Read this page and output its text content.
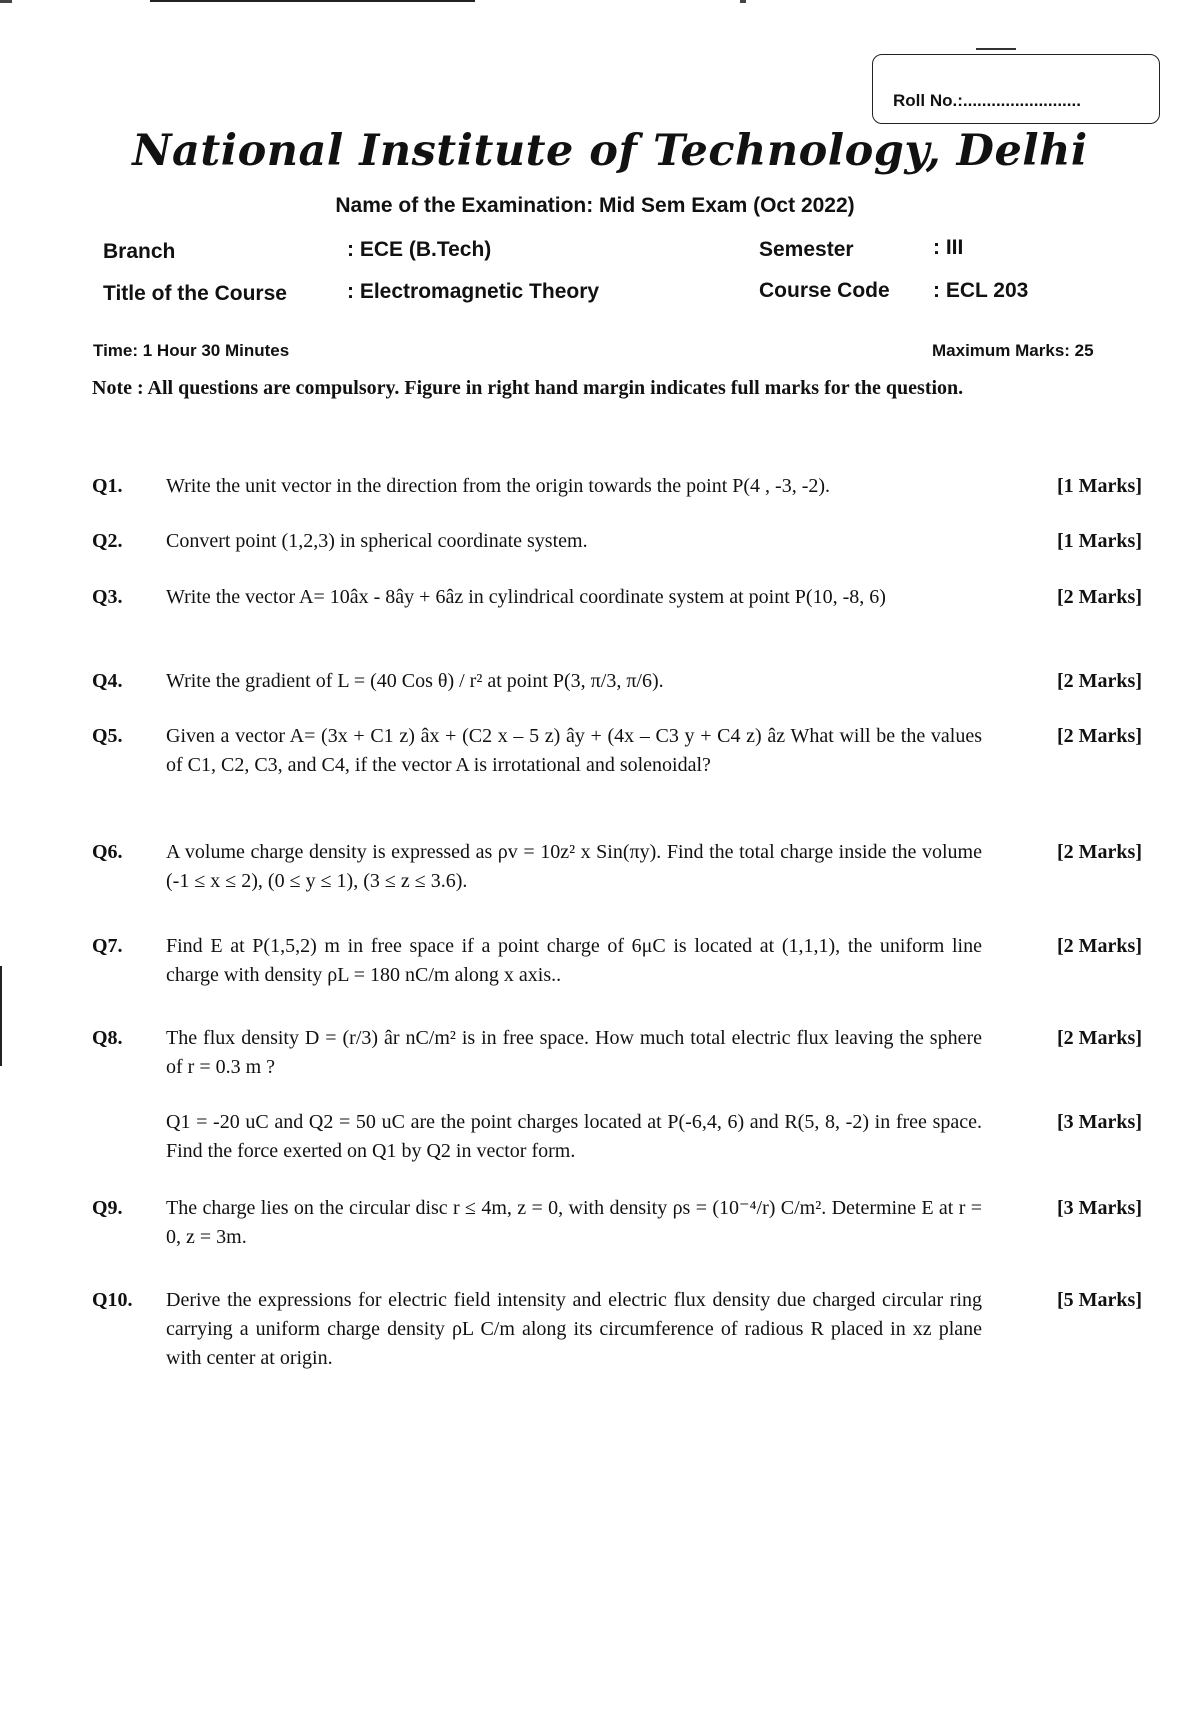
Roll No.:.........................
National Institute of Technology, Delhi
Name of the Examination: Mid Sem Exam (Oct 2022)
Branch	: ECE (B.Tech)	Semester	: III
Title of the Course	: Electromagnetic Theory	Course Code : ECL 203
Time: 1 Hour 30 Minutes	Maximum Marks: 25
Note : All questions are compulsory. Figure in right hand margin indicates full marks for the question.
Q1. Write the unit vector in the direction from the origin towards the point P(4 , -3, -2).	[1 Marks]
Q2. Convert point (1,2,3) in spherical coordinate system.	[1 Marks]
Q3. Write the vector A= 10âx - 8ây + 6âz in cylindrical coordinate system at point P(10, -8, 6)	[2 Marks]
Q4. Write the gradient of L = (40 Cos θ) / r² at point P(3, π/3, π/6).	[2 Marks]
Q5. Given a vector A= (3x + C1 z) âx + (C2 x – 5 z) ây + (4x – C3 y + C4 z) âz What will be the values of C1, C2, C3, and C4, if the vector A is irrotational and solenoidal?
[2 Marks]
Q6. A volume charge density is expressed as ρv = 10z² x Sin(πy). Find the total charge inside the volume (-1 ≤ x ≤ 2), (0 ≤ y ≤ 1), (3 ≤ z ≤ 3.6).
[2 Marks]
Q7. Find E at P(1,5,2) m in free space if a point charge of 6μC is located at (1,1,1), the uniform line charge with density ρL = 180 nC/m along x axis..
[2 Marks]
Q8. The flux density D = (r/3) âr nC/m² is in free space. How much total electric flux leaving the sphere of r = 0.3 m ?
[2 Marks]
Q1 = -20 uC and Q2 = 50 uC are the point charges located at P(-6,4, 6) and R(5, 8, -2) in free space. Find the force exerted on Q1 by Q2 in vector form.
[3 Marks]
Q9. The charge lies on the circular disc r ≤ 4m, z = 0, with density ρs = (10⁻⁴/r) C/m². Determine E at r = 0, z = 3m.
[3 Marks]
Q10. Derive the expressions for electric field intensity and electric flux density due charged circular ring carrying a uniform charge density ρL C/m along its circumference of radious R placed in xz plane with center at origin.
[5 Marks]
